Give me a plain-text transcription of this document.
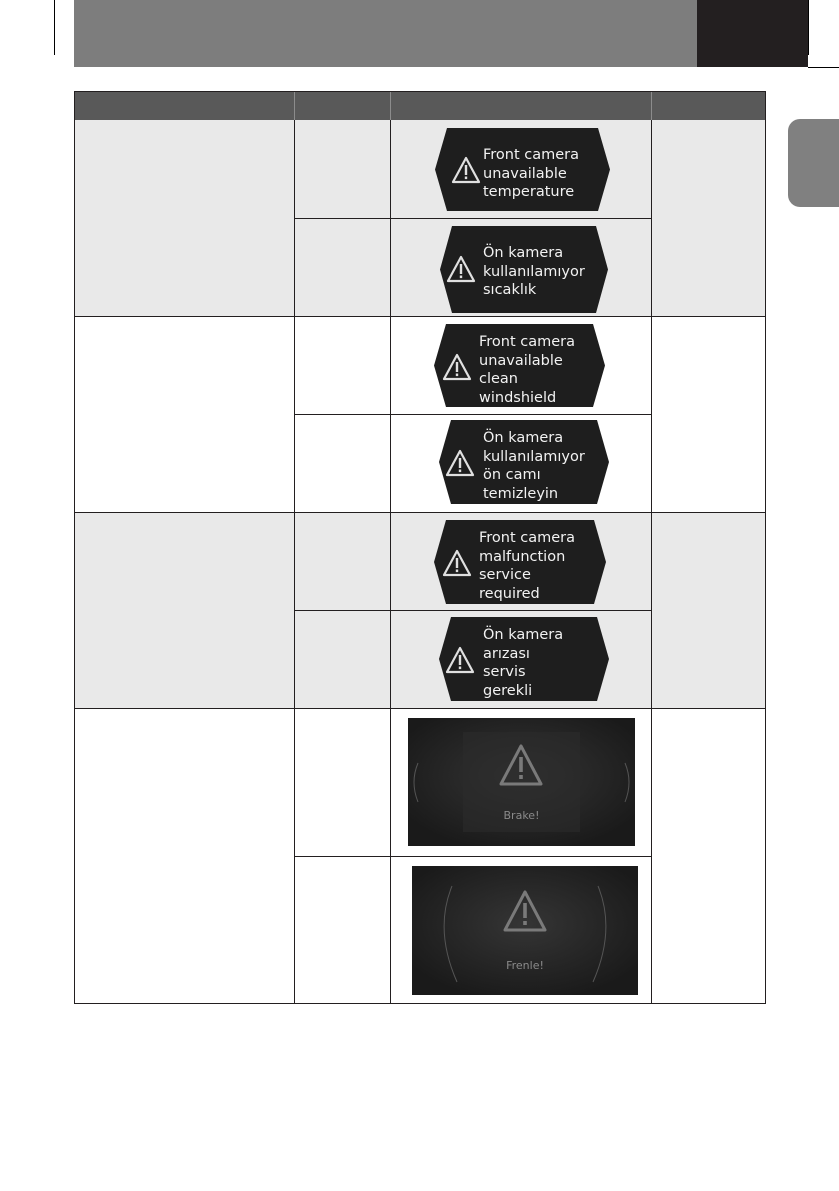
Front camera
unavailable
temperature
Ön kamera
kullanılamıyor
sıcaklık
Front camera
unavailable
clean
windshield
Ön kamera
kullanılamıyor
ön camı
temizleyin
Front camera
malfunction
service
required
Ön kamera
arızası
servis
gerekli
Brake!
Frenle!
